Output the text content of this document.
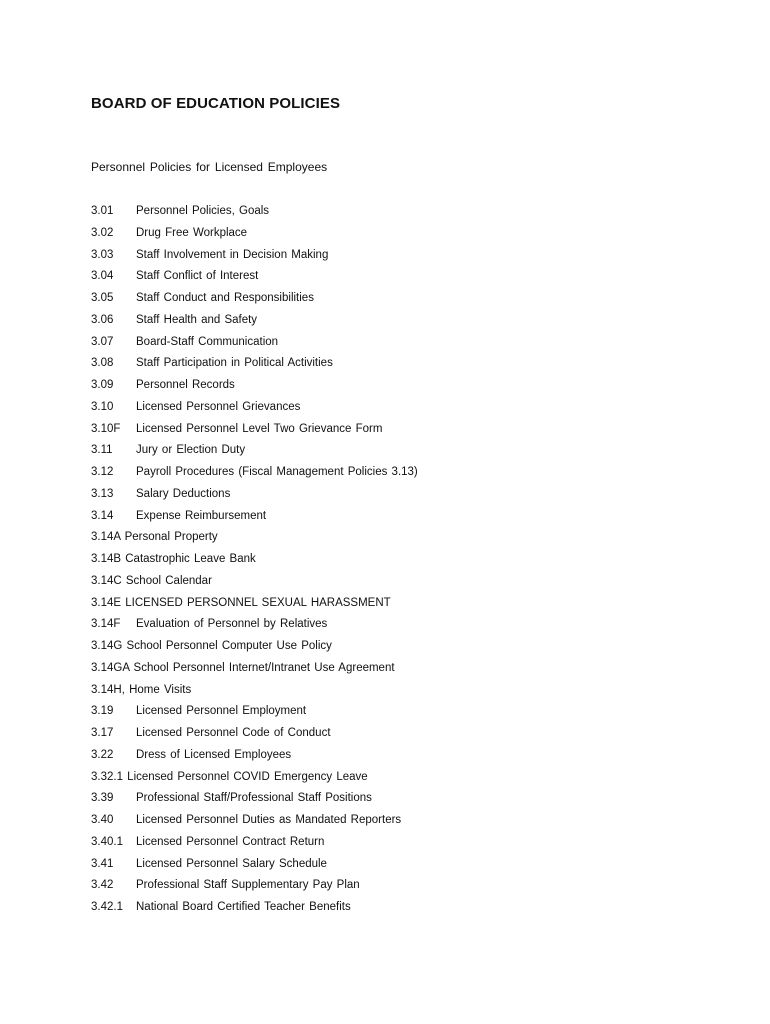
BOARD OF EDUCATION POLICIES
Personnel Policies for Licensed Employees
3.01 Personnel Policies, Goals
3.02 Drug Free Workplace
3.03 Staff Involvement in Decision Making
3.04 Staff Conflict of Interest
3.05 Staff Conduct and Responsibilities
3.06 Staff Health and Safety
3.07 Board-Staff Communication
3.08 Staff Participation in Political Activities
3.09 Personnel Records
3.10 Licensed Personnel Grievances
3.10F Licensed Personnel Level Two Grievance Form
3.11 Jury or Election Duty
3.12 Payroll Procedures (Fiscal Management Policies 3.13)
3.13 Salary Deductions
3.14 Expense Reimbursement
3.14A Personal Property
3.14B Catastrophic Leave Bank
3.14C School Calendar
3.14E LICENSED PERSONNEL SEXUAL HARASSMENT
3.14F Evaluation of Personnel by Relatives
3.14G School Personnel Computer Use Policy
3.14GA School Personnel Internet/Intranet Use Agreement
3.14H, Home Visits
3.19 Licensed Personnel Employment
3.17 Licensed Personnel Code of Conduct
3.22 Dress of Licensed Employees
3.32.1 Licensed Personnel COVID Emergency Leave
3.39 Professional Staff/Professional Staff Positions
3.40 Licensed Personnel Duties as Mandated Reporters
3.40.1 Licensed Personnel Contract Return
3.41 Licensed Personnel Salary Schedule
3.42 Professional Staff Supplementary Pay Plan
3.42.1 National Board Certified Teacher Benefits
